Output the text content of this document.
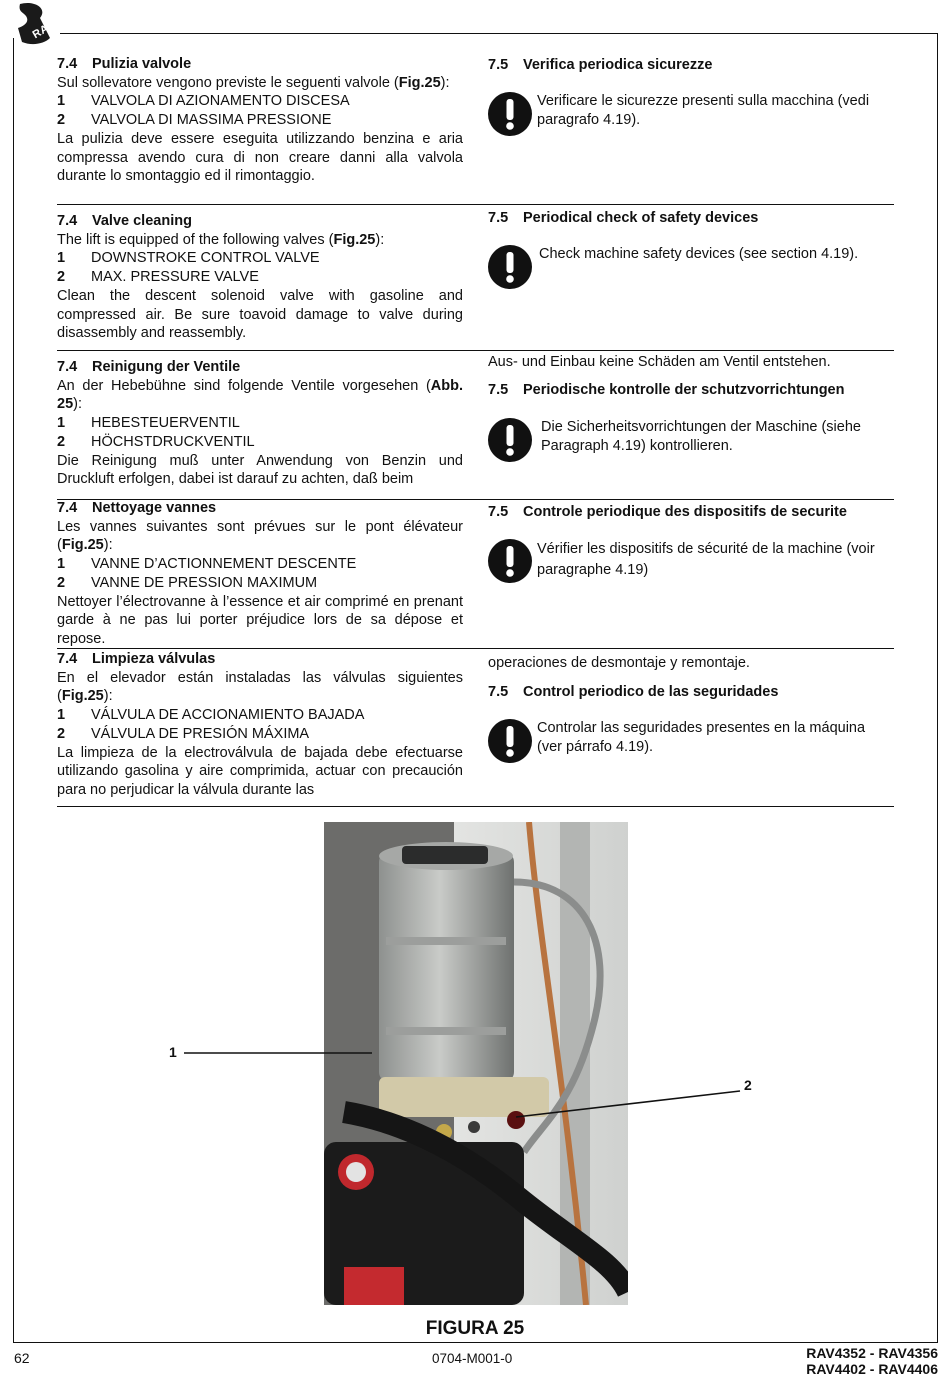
RAV
7.4 Pulizia valvole
Sul sollevatore vengono previste le seguenti valvole (Fig.25):
1 VALVOLA DI AZIONAMENTO DISCESA
2 VALVOLA DI MASSIMA PRESSIONE
La pulizia deve essere eseguita utilizzando benzina e aria compressa avendo cura di non creare danni alla valvola durante lo smontaggio ed il rimontaggio.
7.5 Verifica periodica sicurezze
Verificare le sicurezze presenti sulla macchina (vedi paragrafo 4.19).
7.4 Valve cleaning
The lift is equipped of the following valves (Fig.25):
1 DOWNSTROKE CONTROL VALVE
2 MAX. PRESSURE VALVE
Clean the descent solenoid valve with gasoline and compressed air. Be sure toavoid damage to valve during disassembly and reassembly.
7.5 Periodical check of safety devices
Check machine safety devices (see section 4.19).
7.4 Reinigung der Ventile
An der Hebebühne sind folgende Ventile vorgesehen (Abb. 25):
1 HEBESTEUERVENTIL
2 HÖCHSTDRUCKVENTIL
Die Reinigung muß unter Anwendung von Benzin und Druckluft erfolgen, dabei ist darauf zu achten, daß beim
Aus- und Einbau keine Schäden am Ventil entstehen.
7.5 Periodische kontrolle der schutzvorrichtungen
Die Sicherheitsvorrichtungen der Maschine (siehe Paragraph 4.19) kontrollieren.
7.4 Nettoyage vannes
Les vannes suivantes sont prévues sur le pont élévateur (Fig.25):
1 VANNE D’ACTIONNEMENT DESCENTE
2 VANNE DE PRESSION MAXIMUM
Nettoyer l’électrovanne à l’essence et air comprimé en prenant garde à ne pas lui porter préjudice lors de sa dépose et repose.
7.5 Controle periodique des dispositifs de securite
Vérifier les dispositifs de sécurité de la machine (voir paragraphe 4.19)
7.4 Limpieza válvulas
En el elevador están instaladas las válvulas siguientes (Fig.25):
1 VÁLVULA DE ACCIONAMIENTO BAJADA
2 VÁLVULA DE PRESIÓN MÁXIMA
La limpieza de la electroválvula de bajada debe efectuarse utilizando gasolina y aire comprimida, actuar con precaución para no perjudicar la válvula durante las
operaciones de desmontaje y remontaje.
7.5 Control periodico de las seguridades
Controlar las seguridades presentes en la máquina (ver párrafo 4.19).
1
2
FIGURA 25
62	0704-M001-0	RAV4352 - RAV4356
RAV4402 - RAV4406
